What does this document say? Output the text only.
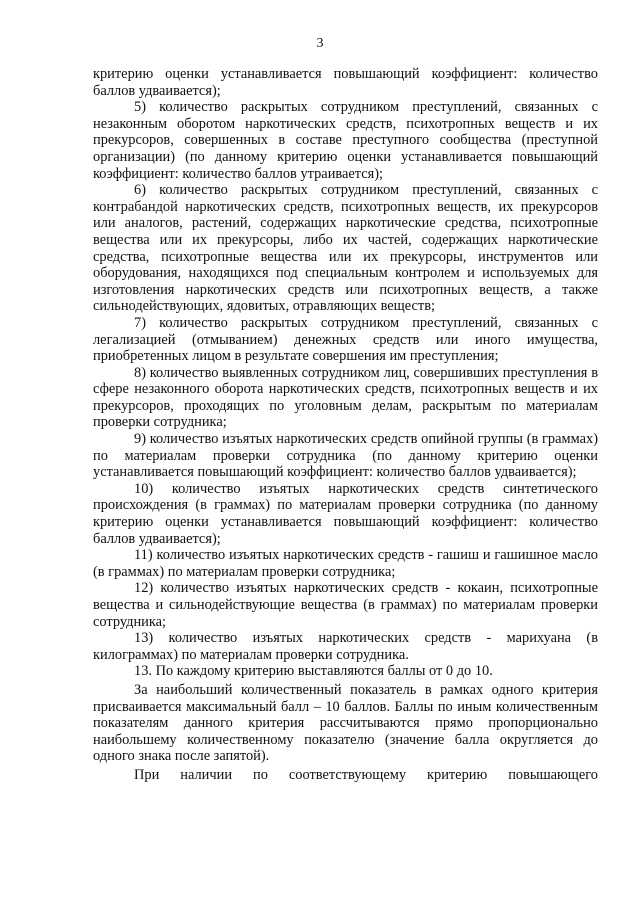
3

критерию оценки устанавливается повышающий коэффициент: количество баллов удваивается);

5) количество раскрытых сотрудником преступлений, связанных с незаконным оборотом наркотических средств, психотропных веществ и их прекурсоров, совершенных в составе преступного сообщества (преступной организации) (по данному критерию оценки устанавливается повышающий коэффициент: количество баллов утраивается);

6) количество раскрытых сотрудником преступлений, связанных с контрабандой наркотических средств, психотропных веществ, их прекурсоров или аналогов, растений, содержащих наркотические средства, психотропные вещества или их прекурсоры, либо их частей, содержащих наркотические средства, психотропные вещества или их прекурсоры, инструментов или оборудования, находящихся под специальным контролем и используемых для изготовления наркотических средств или психотропных веществ, а также сильнодействующих, ядовитых, отравляющих веществ;

7) количество раскрытых сотрудником преступлений, связанных с легализацией (отмыванием) денежных средств или иного имущества, приобретенных лицом в результате совершения им преступления;

8) количество выявленных сотрудником лиц, совершивших преступления в сфере незаконного оборота наркотических средств, психотропных веществ и их прекурсоров, проходящих по уголовным делам, раскрытым по материалам проверки сотрудника;

9) количество изъятых наркотических средств опийной группы (в граммах) по материалам проверки сотрудника (по данному критерию оценки устанавливается повышающий коэффициент: количество баллов удваивается);

10) количество изъятых наркотических средств синтетического происхождения (в граммах) по материалам проверки сотрудника (по данному критерию оценки устанавливается повышающий коэффициент: количество баллов удваивается);

11) количество изъятых наркотических средств - гашиш и гашишное масло (в граммах) по материалам проверки сотрудника;

12) количество изъятых наркотических средств - кокаин, психотропные вещества и сильнодействующие вещества (в граммах) по материалам проверки сотрудника;

13) количество изъятых наркотических средств - марихуана (в килограммах) по материалам проверки сотрудника.

13. По каждому критерию выставляются баллы от 0 до 10.

За наибольший количественный показатель в рамках одного критерия присваивается максимальный балл – 10 баллов. Баллы по иным количественным показателям данного критерия рассчитываются прямо пропорционально наибольшему количественному показателю (значение балла округляется до одного знака после запятой).

При наличии по соответствующему критерию повышающего
